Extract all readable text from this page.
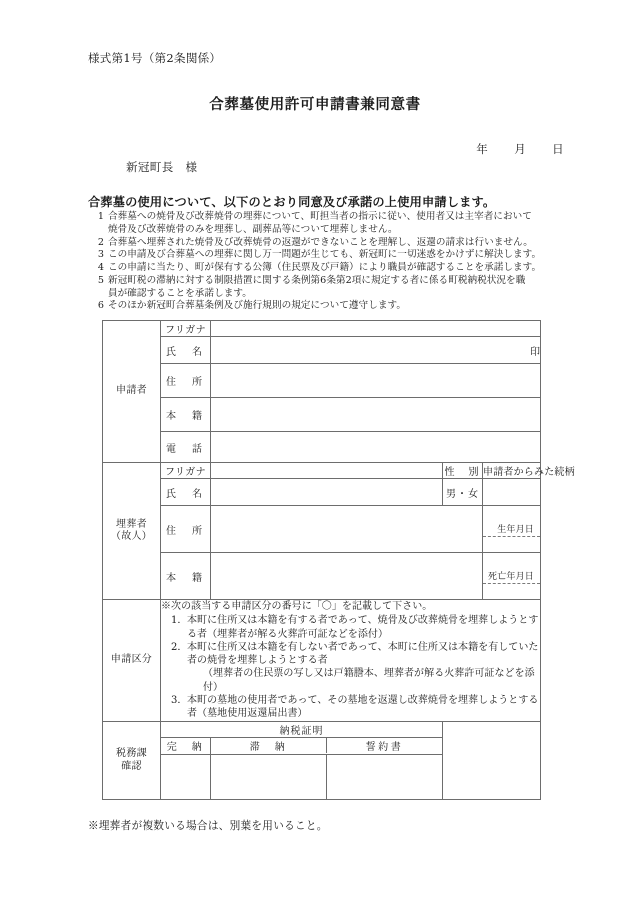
様式第1号（第2条関係）
合葬墓使用許可申請書兼同意書
年 月 日
新冠町長　様
合葬墓の使用について、以下のとおり同意及び承諾の上使用申請します。
1 合葬墓への焼骨及び改葬焼骨の埋葬について、町担当者の指示に従い、使用者又は主宰者において
焼骨及び改葬焼骨のみを埋葬し、副葬品等について埋葬しません。
2 合葬墓へ埋葬された焼骨及び改葬焼骨の返還ができないことを理解し、返還の請求は行いません。
3 この申請及び合葬墓への埋葬に関し万一問題が生じても、新冠町に一切迷惑をかけずに解決します。
4 この申請に当たり、町が保有する公簿（住民票及び戸籍）により職員が確認することを承諾します。
5 新冠町税の滞納に対する制限措置に関する条例第6条第2項に規定する者に係る町税納税状況を職
員が確認することを承諾します。
6 そのほか新冠町合葬墓条例及び施行規則の規定について遵守します。
申請者	フリガナ	
氏　名	印
住　所	
本　籍	
電　話	
埋葬者
（故人）	フリガナ		性　別	申請者からみた続柄
氏　名		男・女	
住　所		生年月日

本　籍		死亡年月日

申請区分	
※次の該当する申請区分の番号に「〇」を記載して下さい。
1． 本町に住所又は本籍を有する者であって、焼骨及び改葬焼骨を埋葬しようとす
る者（埋葬者が解る火葬許可証などを添付）
2． 本町に住所又は本籍を有しない者であって、本町に住所又は本籍を有していた
者の焼骨を埋葬しようとする者
（埋葬者の住民票の写し又は戸籍謄本、埋葬者が解る火葬許可証などを添付）
3． 本町の墓地の使用者であって、その墓地を返還し改葬焼骨を埋葬しようとする
者（墓地使用返還届出書）

税務課
確認	納税証明	
完　納		滞　納	誓約書

※埋葬者が複数いる場合は、別葉を用いること。
